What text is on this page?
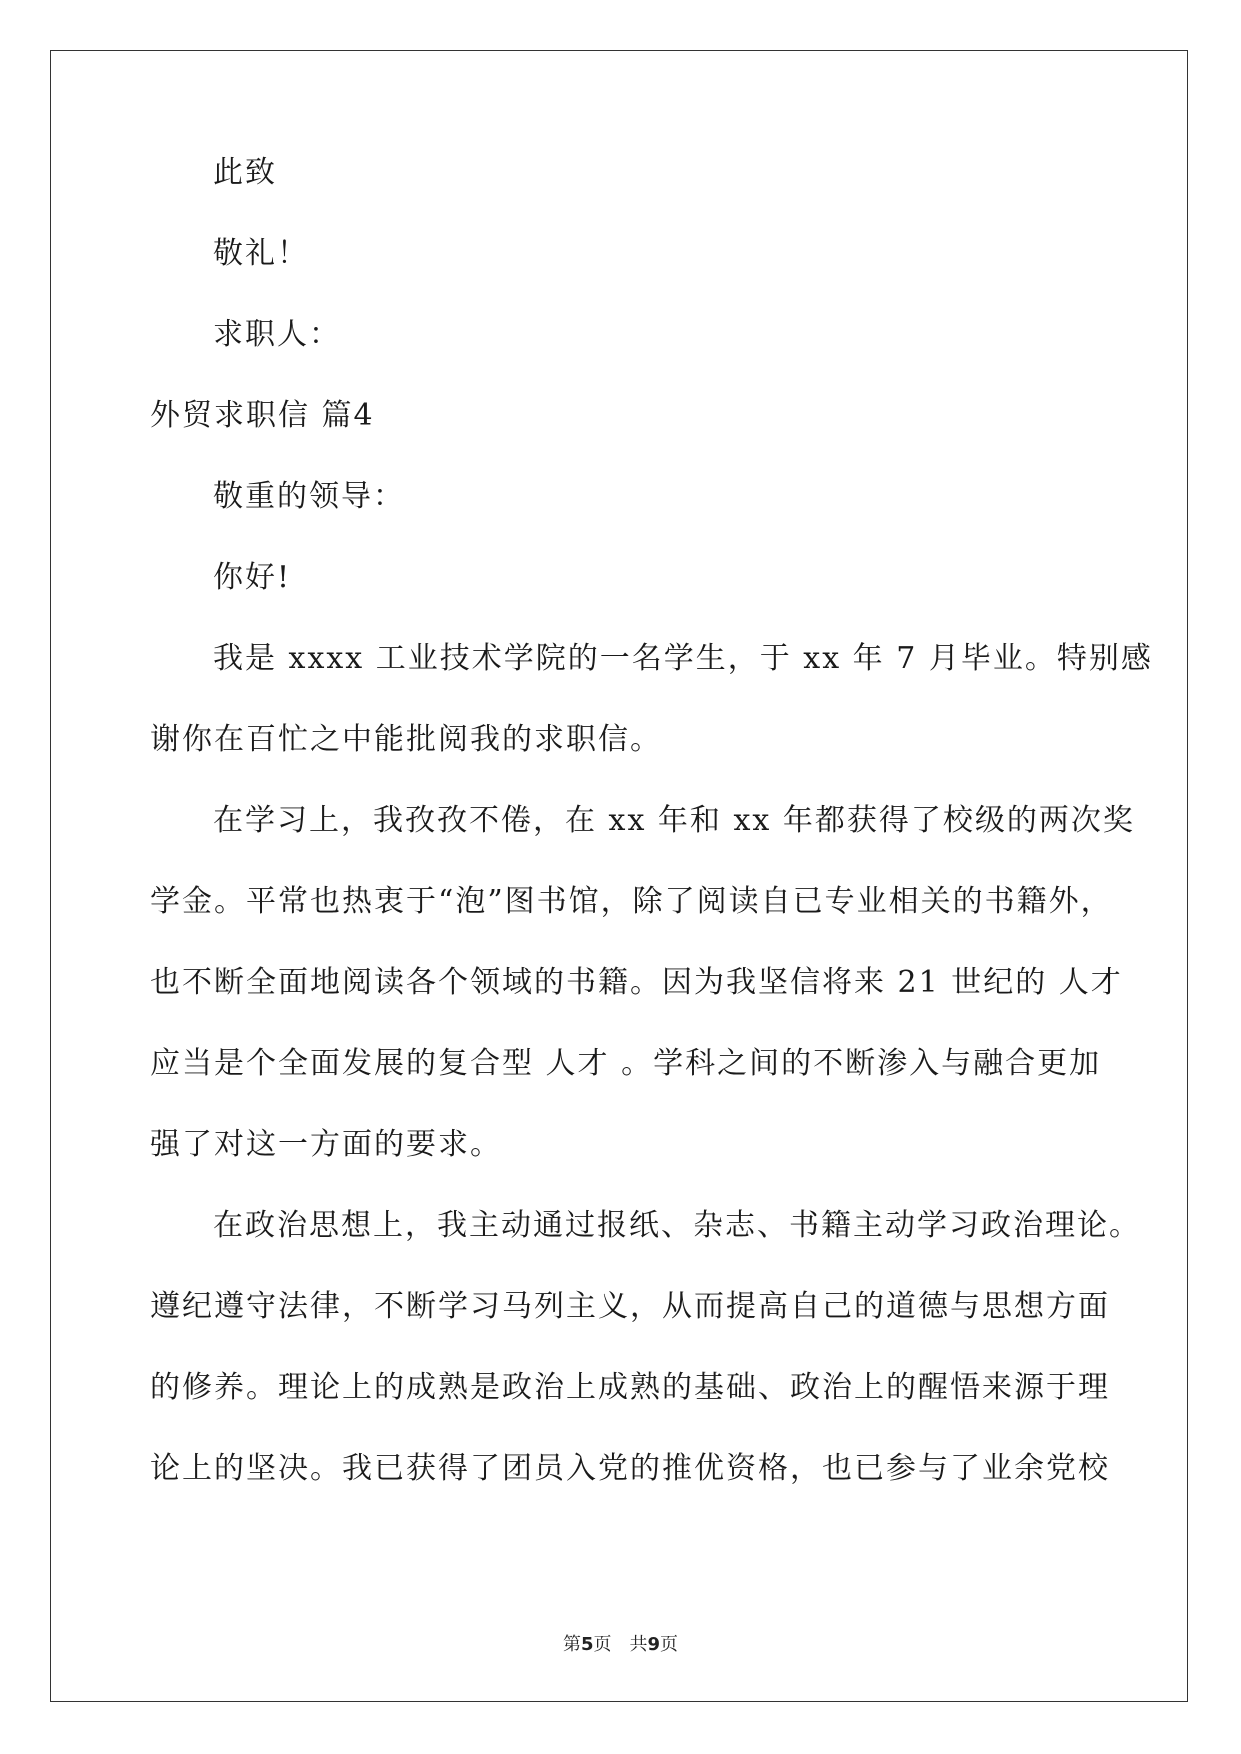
此致
敬礼！
求职人：
外贸求职信 篇4
敬重的领导：
你好!
我是 xxxx 工业技术学院的一名学生，于 xx 年 7 月毕业。特别感
谢你在百忙之中能批阅我的求职信。
在学习上，我孜孜不倦，在 xx 年和 xx 年都获得了校级的两次奖
学金。平常也热衷于“泡”图书馆，除了阅读自已专业相关的书籍外，
也不断全面地阅读各个领域的书籍。因为我坚信将来 21 世纪的 人才
应当是个全面发展的复合型 人才 。学科之间的不断渗入与融合更加
强了对这一方面的要求。
在政治思想上，我主动通过报纸、杂志、书籍主动学习政治理论。
遵纪遵守法律，不断学习马列主义，从而提高自己的道德与思想方面
的修养。理论上的成熟是政治上成熟的基础、政治上的醒悟来源于理
论上的坚决。我已获得了团员入党的推优资格，也已参与了业余党校
第5页 共9页
